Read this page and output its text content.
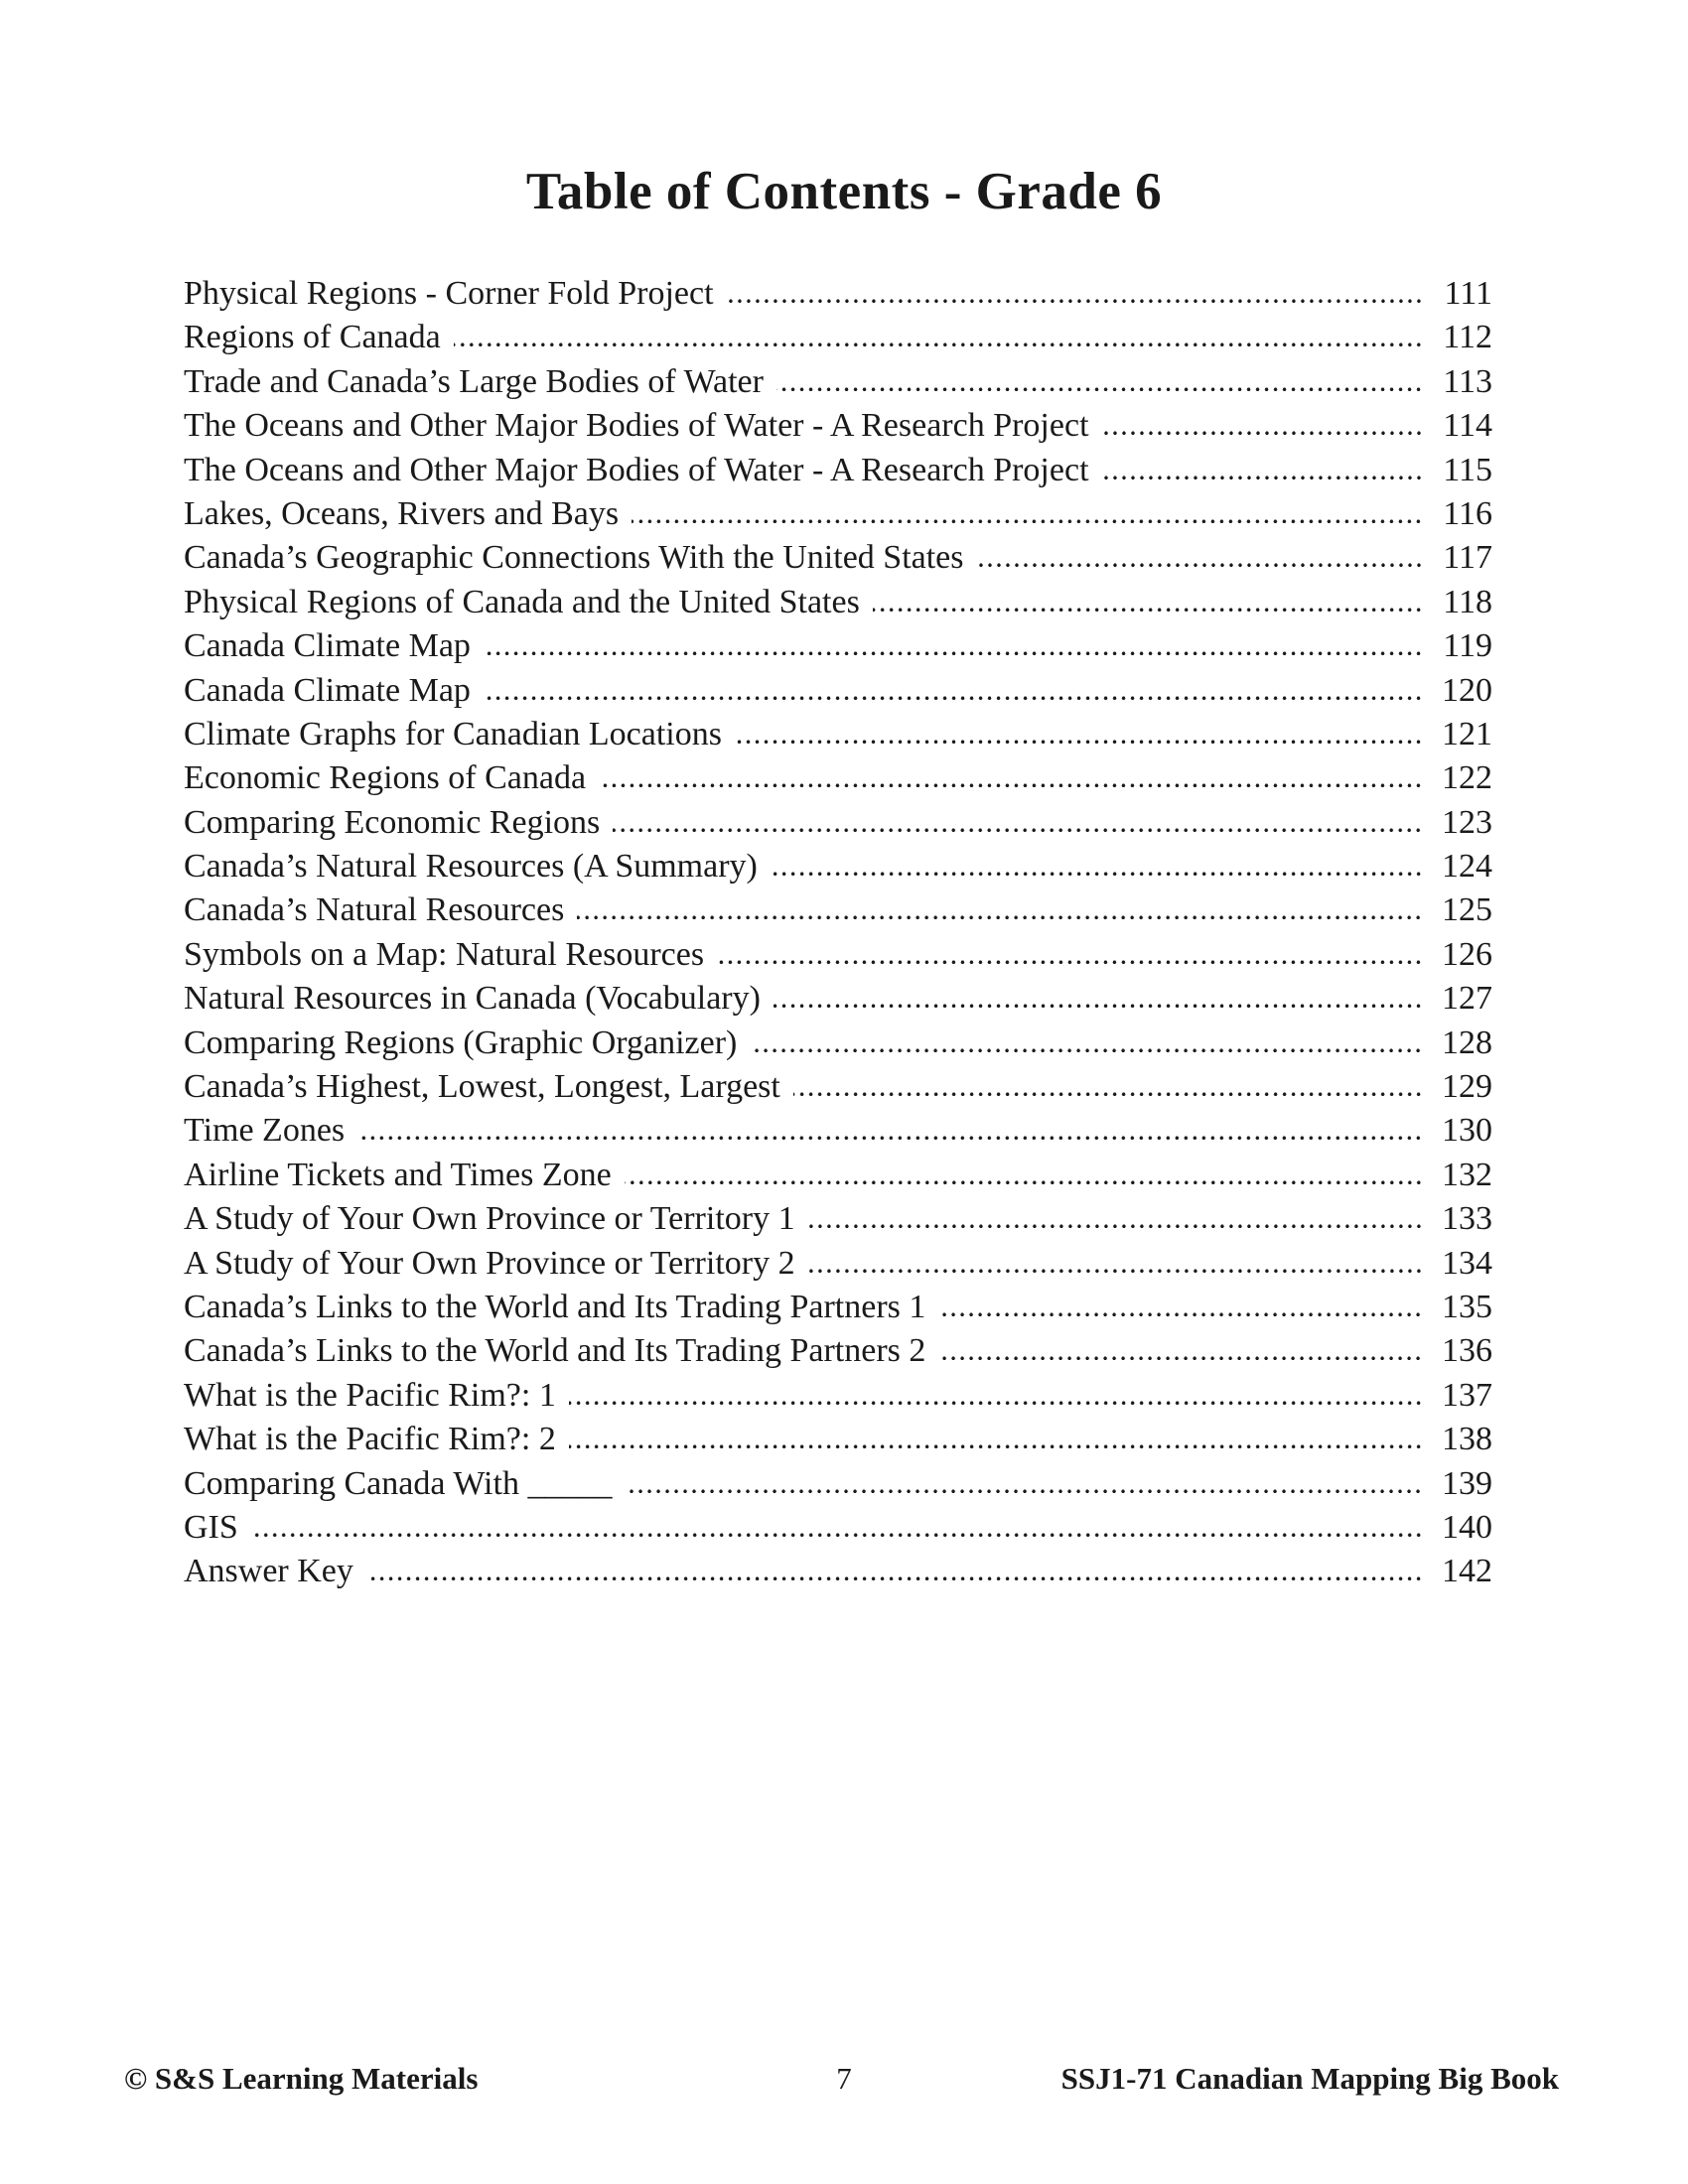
Table of Contents - Grade 6
Physical Regions - Corner Fold Project	111
Regions of Canada	112
Trade and Canada’s Large Bodies of Water	113
The Oceans and Other Major Bodies of Water - A Research Project	114
The Oceans and Other Major Bodies of Water - A Research Project	115
Lakes, Oceans, Rivers and Bays	116
Canada’s Geographic Connections With the United States	117
Physical Regions of Canada and the United States	118
Canada Climate Map	119
Canada Climate Map	120
Climate Graphs for Canadian Locations	121
Economic Regions of Canada	122
Comparing Economic Regions	123
Canada’s Natural Resources (A Summary)	124
Canada’s Natural Resources	125
Symbols on a Map: Natural Resources	126
Natural Resources in Canada (Vocabulary)	127
Comparing Regions (Graphic Organizer)	128
Canada’s Highest, Lowest, Longest, Largest	129
Time Zones	130
Airline Tickets and Times Zone	132
A Study of Your Own Province or Territory 1	133
A Study of Your Own Province or Territory 2	134
Canada’s Links to the World and Its Trading Partners 1	135
Canada’s Links to the World and Its Trading Partners 2	136
What is the Pacific Rim?: 1	137
What is the Pacific Rim?: 2	138
Comparing Canada With _____	139
GIS	140
Answer Key	142
© S&S Learning Materials	7	SSJ1-71 Canadian Mapping Big Book
